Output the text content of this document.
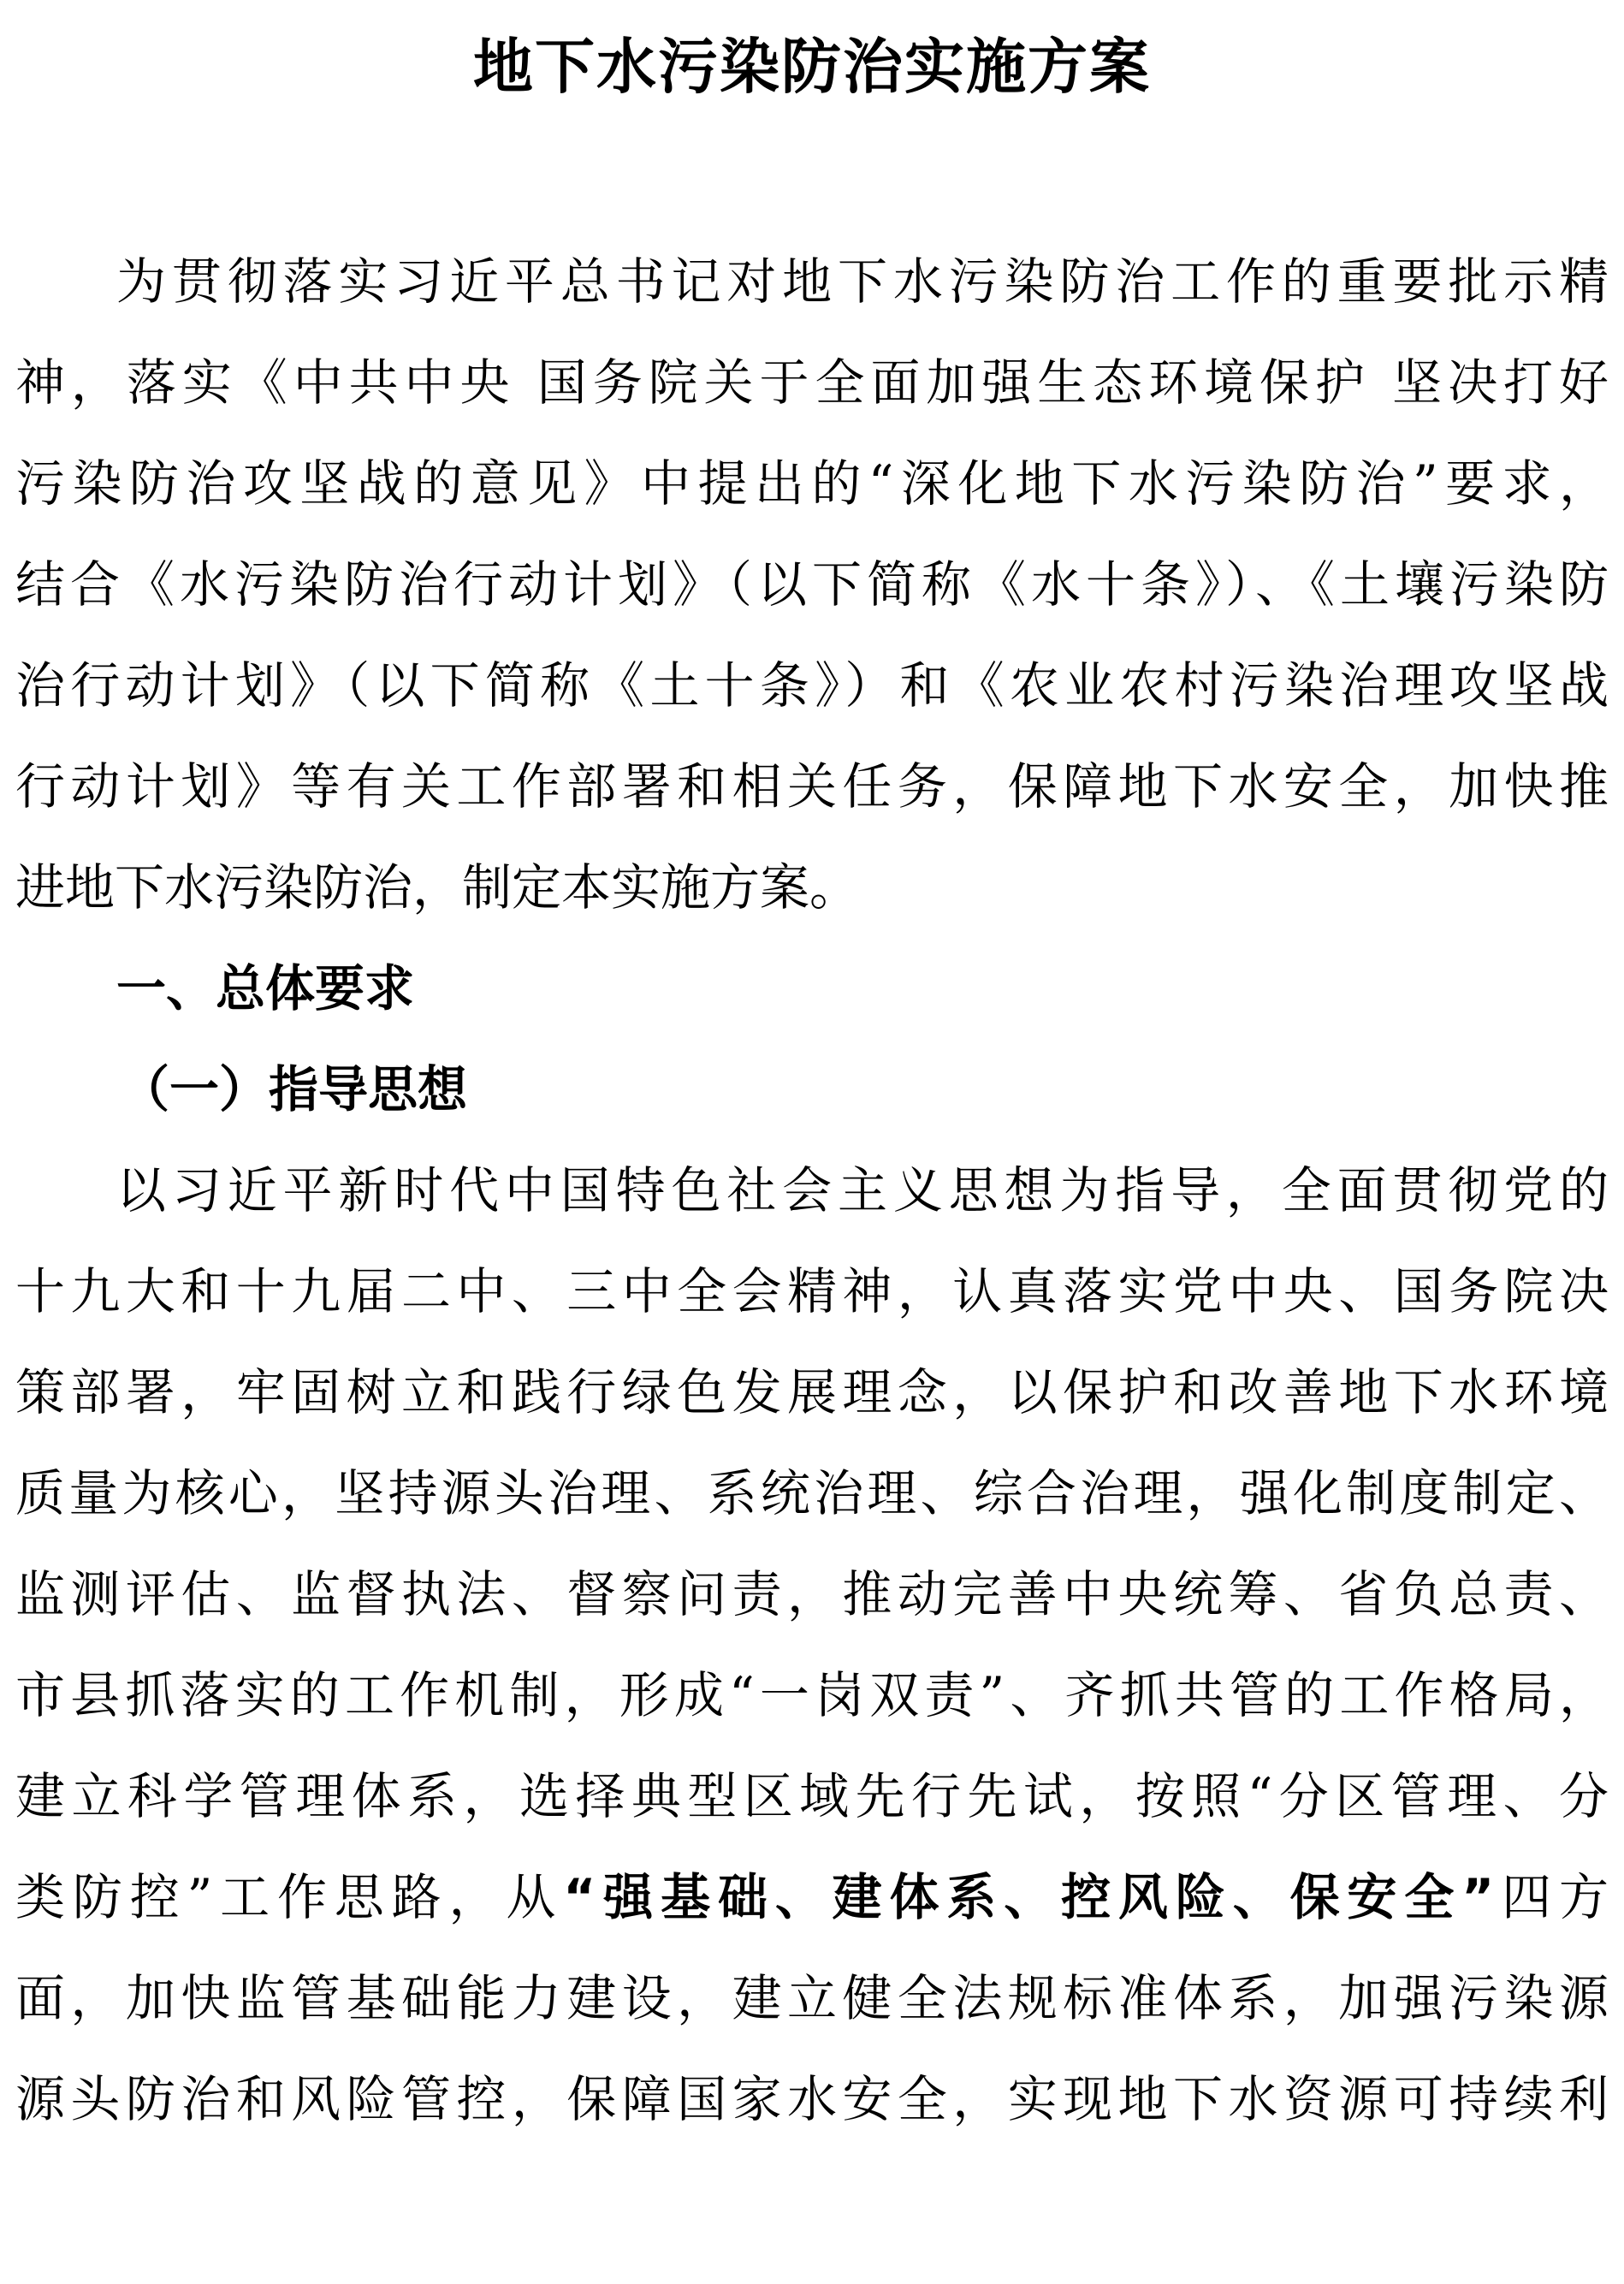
地下水污染防治实施方案
为贯彻落实习近平总书记对地下水污染防治工作的重要批示精
神，落实《中共中央 国务院关于全面加强生态环境保护 坚决打好
污染防治攻坚战的意见》中提出的“深化地下水污染防治”要求，
结合《水污染防治行动计划》（以下简称《水十条》）、《土壤污染防
治行动计划》（以下简称《土十条》）和《农业农村污染治理攻坚战
行动计划》等有关工作部署和相关任务，保障地下水安全，加快推
进地下水污染防治，制定本实施方案。
一、总体要求
（一）指导思想
以习近平新时代中国特色社会主义思想为指导，全面贯彻党的
十九大和十九届二中、三中全会精神，认真落实党中央、国务院决
策部署，牢固树立和践行绿色发展理念，以保护和改善地下水环境
质量为核心，坚持源头治理、系统治理、综合治理，强化制度制定、
监测评估、监督执法、督察问责，推动完善中央统筹、省负总责、
市县抓落实的工作机制，形成“一岗双责”、齐抓共管的工作格局，
建立科学管理体系，选择典型区域先行先试，按照“分区管理、分
类防控”工作思路，从“强基础、建体系、控风险、保安全”四方
面，加快监管基础能力建设，建立健全法规标准体系，加强污染源
源头防治和风险管控，保障国家水安全，实现地下水资源可持续利
